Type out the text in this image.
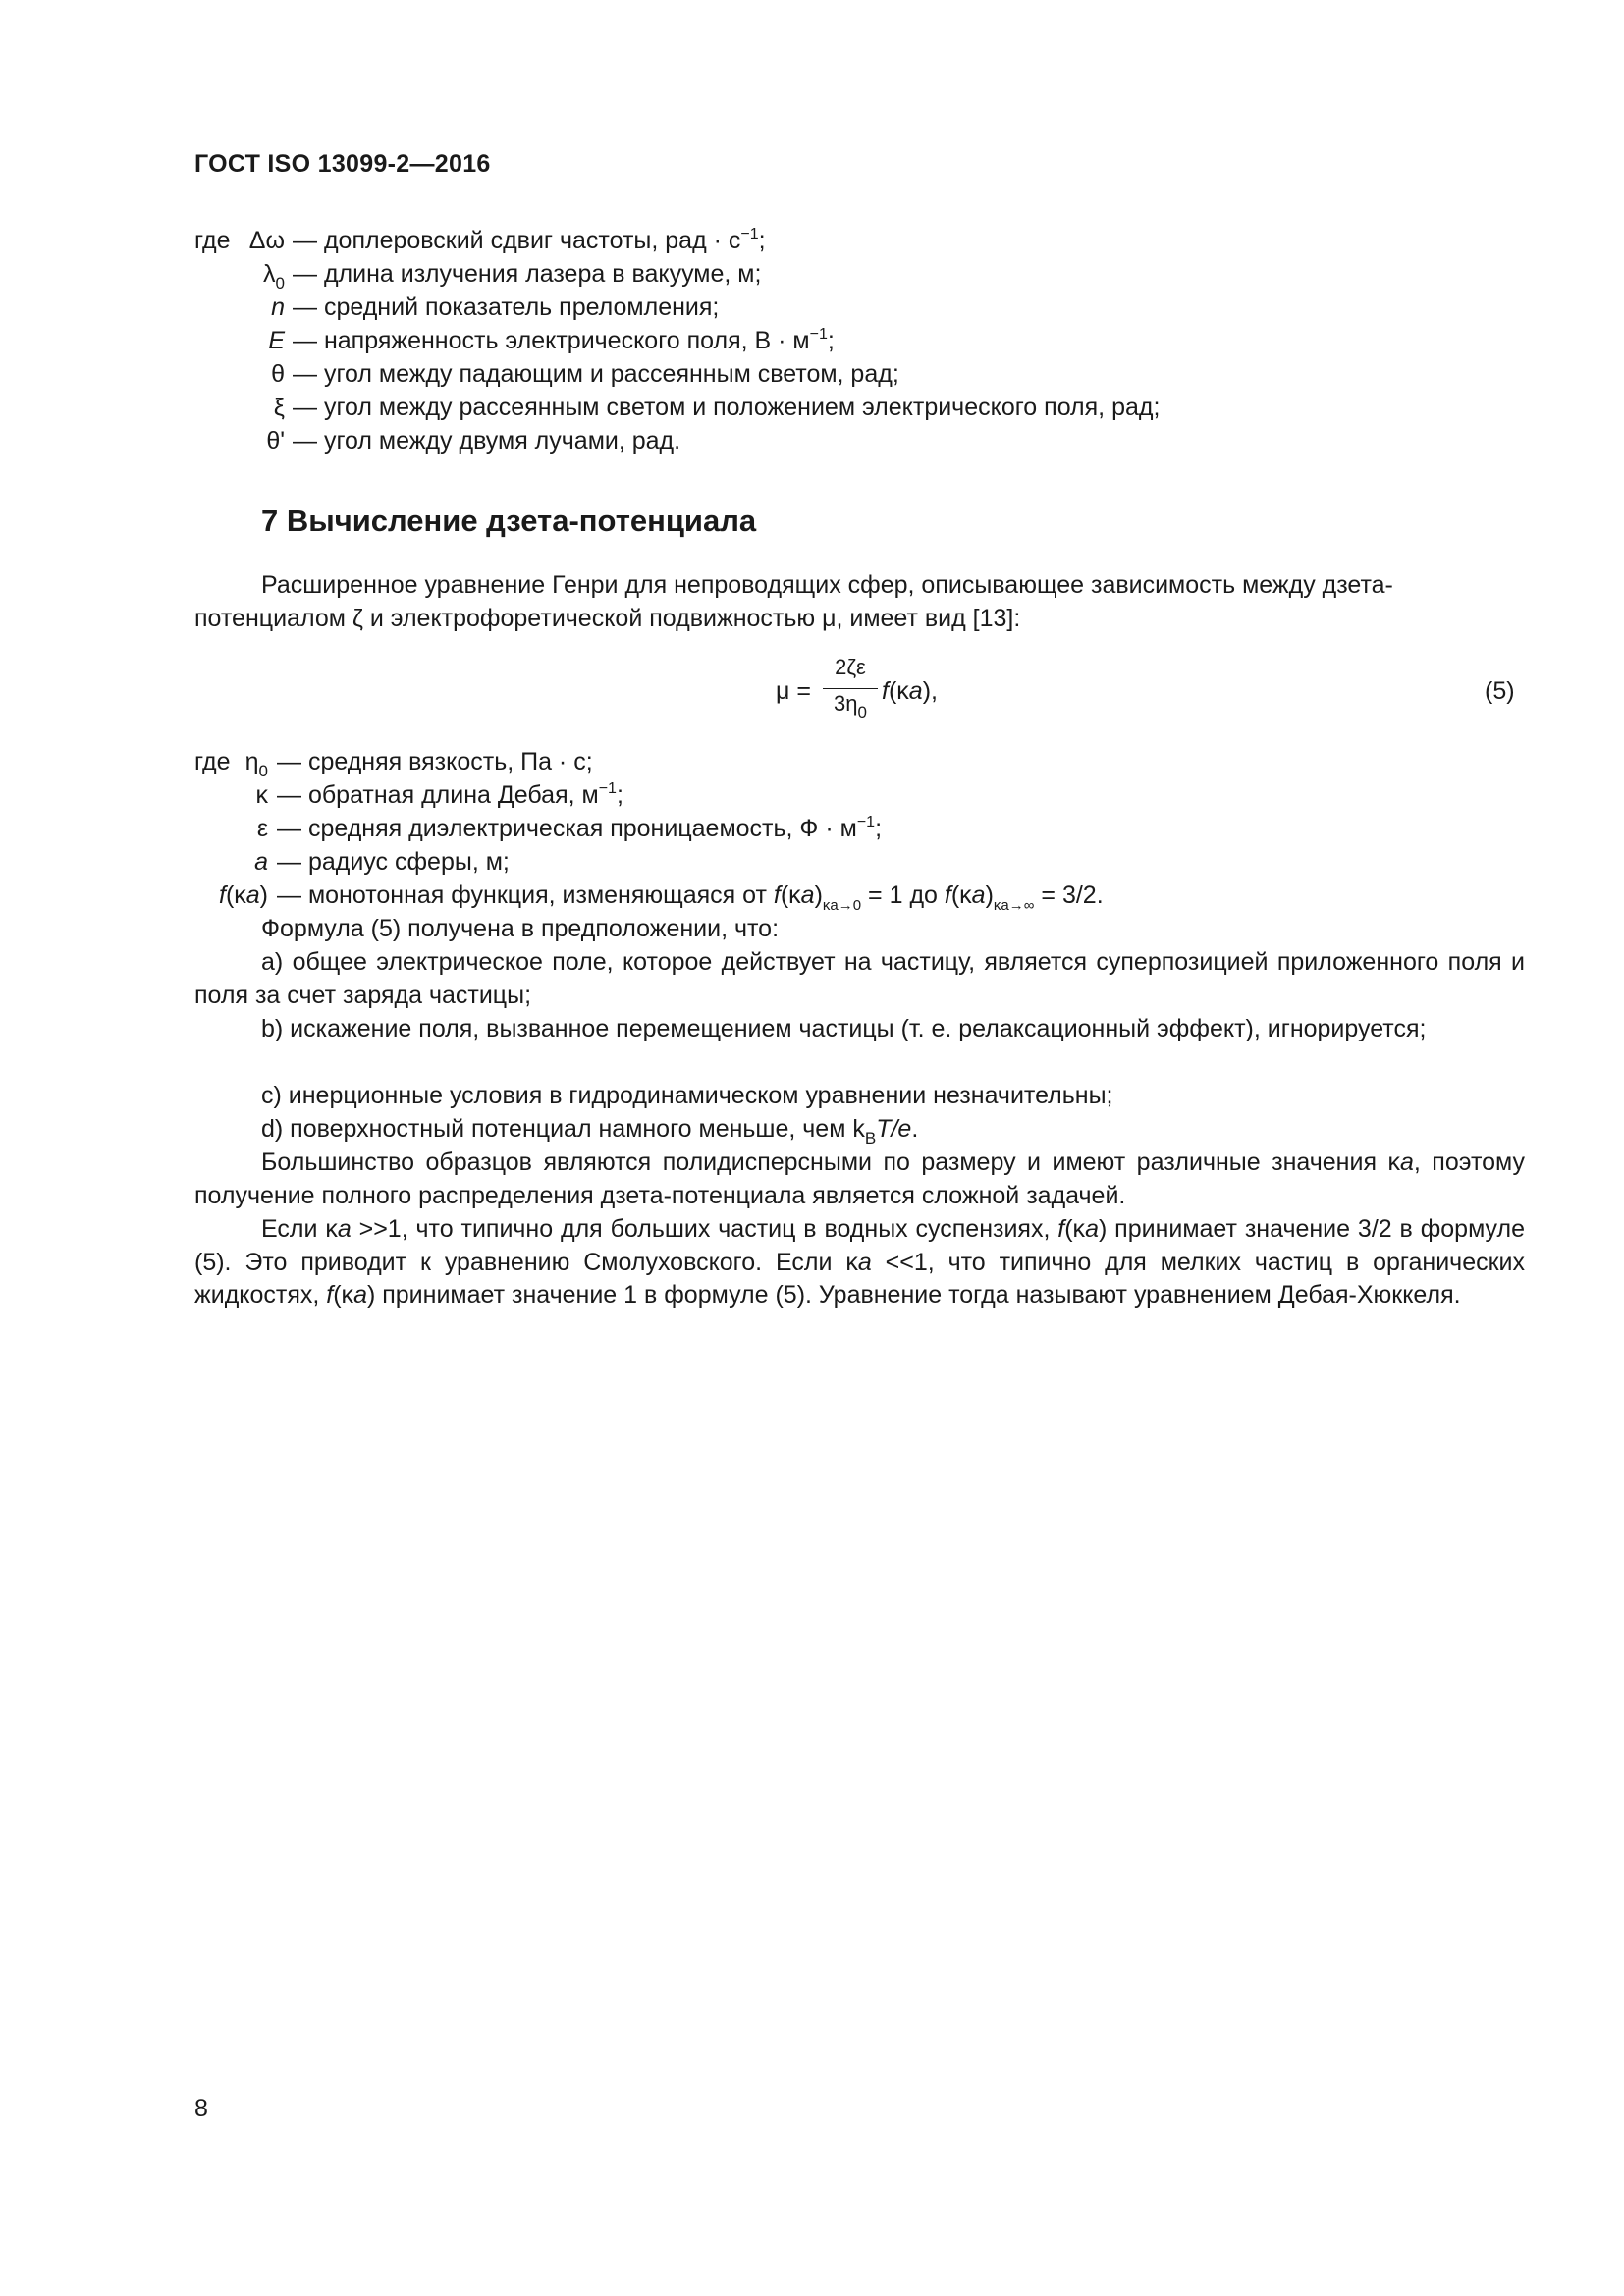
ГОСТ ISO 13099-2—2016
где Δω — доплеровский сдвиг частоты, рад · $с^{-1}$;
$\lambda_0$ — длина излучения лазера в вакууме, м;
n — средний показатель преломления;
E — напряженность электрического поля, $В \cdot м^{-1}$;
θ — угол между падающим и рассеянным светом, рад;
ξ — угол между рассеянным светом и положением электрического поля, рад;
θ' — угол между двумя лучами, рад.
7 Вычисление дзета-потенциала
Расширенное уравнение Генри для непроводящих сфер, описывающее зависимость между дзета-
потенциалом ζ и электрофоретической подвижностью μ, имеет вид [13]:
μ =
2ζε
$3\eta_0$
f(κa),	(5)
где $\eta_0$ — средняя вязкость, Па · с;
κ — обратная длина Дебая, $м^{-1}$;
ε — средняя диэлектрическая проницаемость, $Ф \cdot м^{-1}$;
a — радиус сферы, м;
f(κa) — монотонная функция, изменяющаяся от $f(\kappa a)_{\kappa a\to 0} = 1$ до $f(\kappa a)_{\kappa a\to\infty} = 3/2$.
Формула (5) получена в предположении, что:
a) общее электрическое поле, которое действует на частицу, является суперпозицией приложенного поля и поля за счет заряда частицы;
b) искажение поля, вызванное перемещением частицы (т. е. релаксационный эффект), игнорируется;
c) инерционные условия в гидродинамическом уравнении незначительны;
d) поверхностный потенциал намного меньше, чем $k_BT/e$.
Большинство образцов являются полидисперсными по размеру и имеют различные значения κa, поэтому получение полного распределения дзета-потенциала является сложной задачей.
Если κa >>1, что типично для больших частиц в водных суспензиях, f(κa) принимает значение 3/2 в формуле (5). Это приводит к уравнению Смолуховского. Если κa <<1, что типично для мелких частиц в органических жидкостях, f(κa) принимает значение 1 в формуле (5). Уравнение тогда называют уравнением Дебая-Хюккеля.
8
